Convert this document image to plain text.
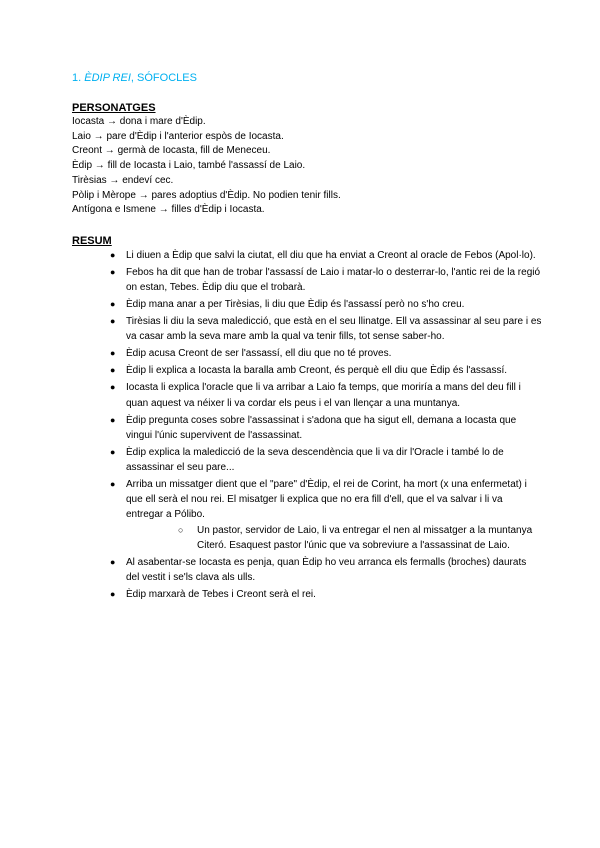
1. ÈDIP REI, SÓFOCLES
PERSONATGES
Iocasta → dona i mare d'Èdip.
Laio → pare d'Èdip i l'anterior espòs de Iocasta.
Creont → germà de Iocasta, fill de Meneceu.
Èdip → fill de Iocasta i Laio, també l'assassí de Laio.
Tirèsias → endeví cec.
Pòlip i Mèrope → pares adoptius d'Èdip. No podien tenir fills.
Antígona e Ismene → filles d'Èdip i Iocasta.
RESUM
● Li diuen a Èdip que salvi la ciutat, ell diu que ha enviat a Creont al oracle de Febos (Apol·lo).
● Febos ha dit que han de trobar l'assassí de Laio i matar-lo o desterrar-lo, l'antic rei de la regió on estan, Tebes. Èdip diu que el trobarà.
● Èdip mana anar a per Tirèsias, li diu que Èdip és l'assassí però no s'ho creu.
● Tirèsias li diu la seva maledicció, que està en el seu llinatge. Ell va assassinar al seu pare i es va casar amb la seva mare amb la qual va tenir fills, tot sense saber-ho.
● Èdip acusa Creont de ser l'assassí, ell diu que no té proves.
● Èdip li explica a Iocasta la baralla amb Creont, és perquè ell diu que Èdip és l'assassí.
● Iocasta li explica l'oracle que li va arribar a Laio fa temps, que moriría a mans del deu fill i quan aquest va néixer li va cordar els peus i el van llençar a una muntanya.
● Èdip pregunta coses sobre l'assassinat i s'adona que ha sigut ell, demana a Iocasta que vingui l'únic supervivent de l'assassinat.
● Èdip explica la maledicció de la seva descendència que li va dir l'Oracle i també lo de assassinar el seu pare...
● Arriba un missatger dient que el "pare" d'Èdip, el rei de Corint, ha mort (x una enfermetat) i que ell serà el nou rei. El misatger li explica que no era fill d'ell, que el va salvar i li va entregar a Pólibo.
○ Un pastor, servidor de Laio, li va entregar el nen al missatger a la muntanya Citeró. Esaquest pastor l'únic que va sobreviure a l'assassinat de Laio.
● Al asabentar-se Iocasta es penja, quan Èdip ho veu arranca els fermalls (broches) daurats del vestit i se'ls clava als ulls.
● Èdip marxarà de Tebes i Creont serà el rei.
